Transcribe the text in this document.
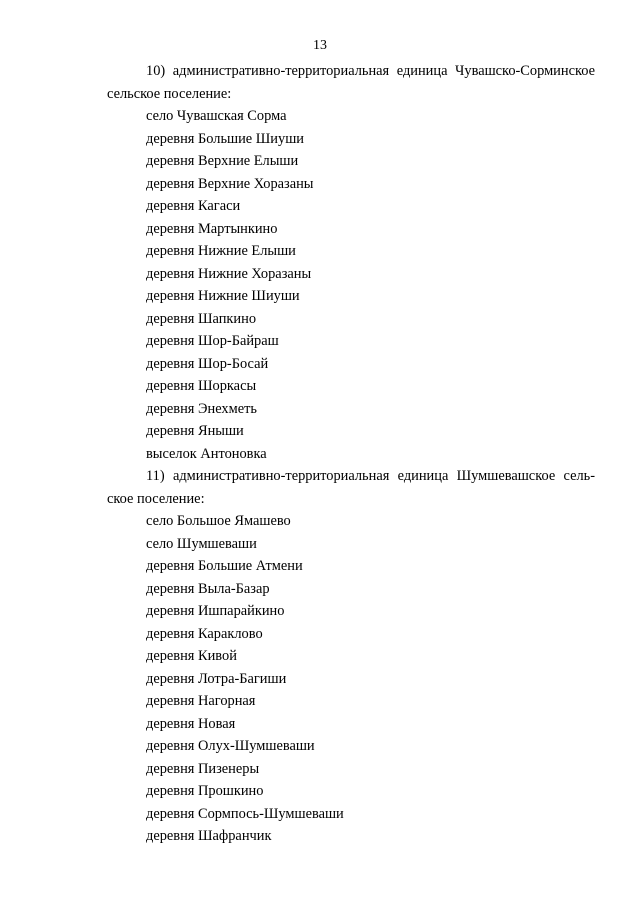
13

10) административно-территориальная единица Чувашско-Сорминское
сельское поселение:

село Чувашская Сорма
деревня Большие Шиуши
деревня Верхние Елыши
деревня Верхние Хоразаны
деревня Кагаси
деревня Мартынкино
деревня Нижние Елыши
деревня Нижние Хоразаны
деревня Нижние Шиуши
деревня Шапкино
деревня Шор-Байраш
деревня Шор-Босай
деревня Шоркасы
деревня Энехметь
деревня Яныши
выселок Антоновка

11) административно-территориальная единица Шумшевашское сель-
ское поселение:

село Большое Ямашево
село Шумшеваши
деревня Большие Атмени
деревня Выла-Базар
деревня Ишпарайкино
деревня Караклово
деревня Кивой
деревня Лотра-Багиши
деревня Нагорная
деревня Новая
деревня Олух-Шумшеваши
деревня Пизенеры
деревня Прошкино
деревня Сормпось-Шумшеваши
деревня Шафранчик
